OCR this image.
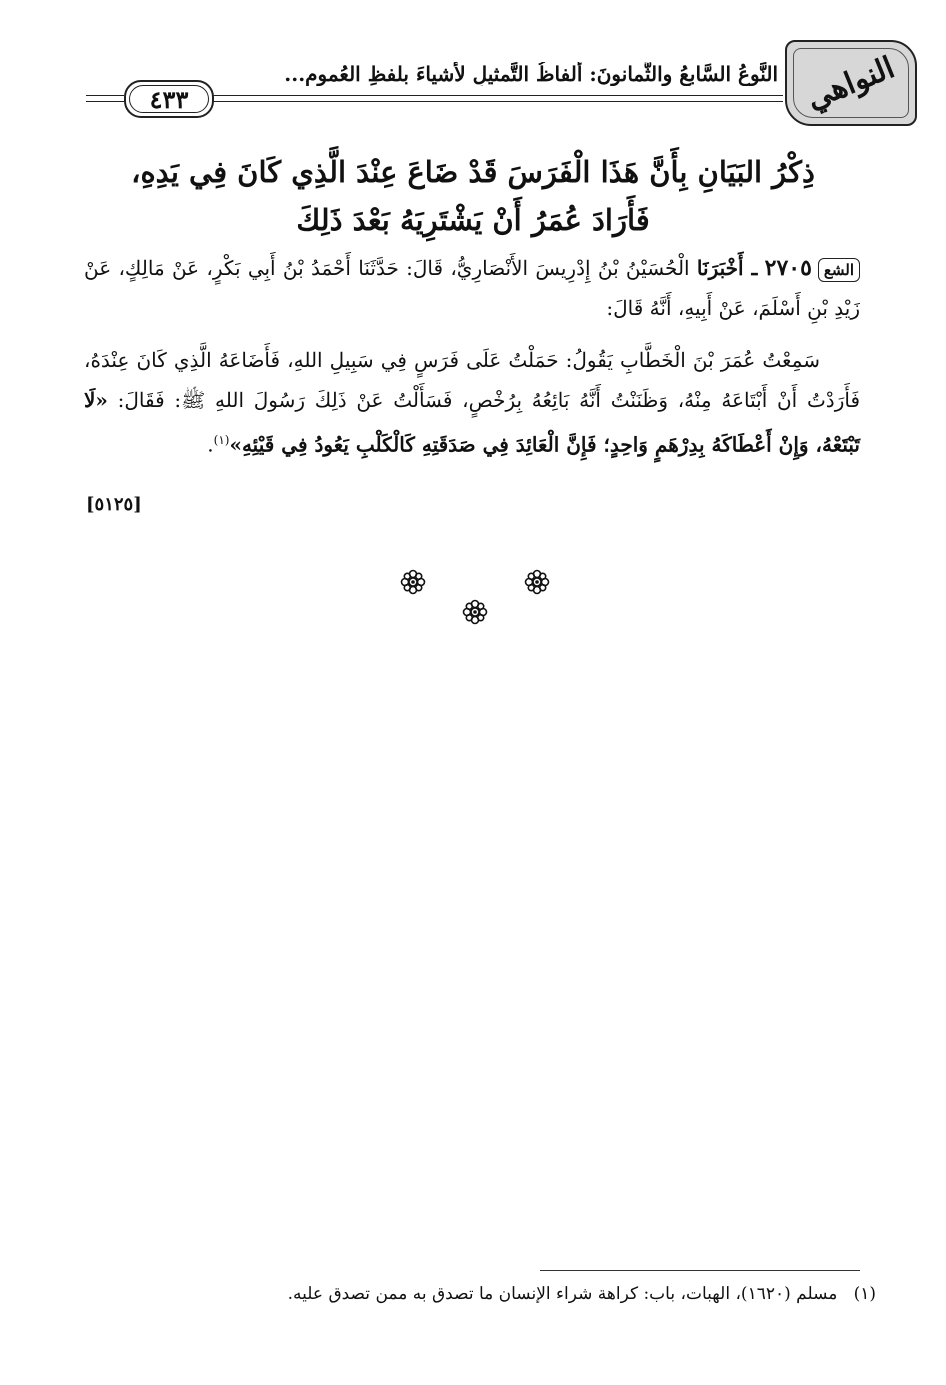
النواهي
النَّوعُ السَّابعُ والثَّمانونَ: ألفاظُ التَّمثيلِ لأشياءَ بلفظِ العُمومِ...
٤٣٣
ذِكْرُ البَيَانِ بِأَنَّ هَذَا الْفَرَسَ قَدْ ضَاعَ عِنْدَ الَّذِي كَانَ فِي يَدِهِ،
فَأَرَادَ عُمَرُ أَنْ يَشْتَرِيَهُ بَعْدَ ذَلِكَ
الشع٢٧٠٥ ـ أَخْبَرَنَا الْحُسَيْنُ بْنُ إِدْرِيسَ الأَنْصَارِيُّ، قَالَ: حَدَّثَنَا أَحْمَدُ بْنُ أَبِي بَكْرٍ، عَنْ مَالِكٍ، عَنْ زَيْدِ بْنِ أَسْلَمَ، عَنْ أَبِيهِ، أَنَّهُ قَالَ:
سَمِعْتُ عُمَرَ بْنَ الْخَطَّابِ يَقُولُ: حَمَلْتُ عَلَى فَرَسٍ فِي سَبِيلِ اللهِ، فَأَضَاعَهُ الَّذِي كَانَ عِنْدَهُ، فَأَرَدْتُ أَنْ أَبْتَاعَهُ مِنْهُ، وَظَنَنْتُ أَنَّهُ بَائِعُهُ بِرُخْصٍ، فَسَأَلْتُ عَنْ ذَلِكَ رَسُولَ اللهِ ﷺ: فَقَالَ: «لَا تَبْتَعْهُ، وَإِنْ أَعْطَاكَهُ بِدِرْهَمٍ وَاحِدٍ؛ فَإِنَّ الْعَائِدَ فِي صَدَقَتِهِ كَالْكَلْبِ يَعُودُ فِي قَيْئِهِ»$^{(١)}$.
[٥١٢٥]
(١)   مسلم (١٦٢٠)، الهبات، باب: كراهة شراء الإنسان ما تصدق به ممن تصدق عليه.
